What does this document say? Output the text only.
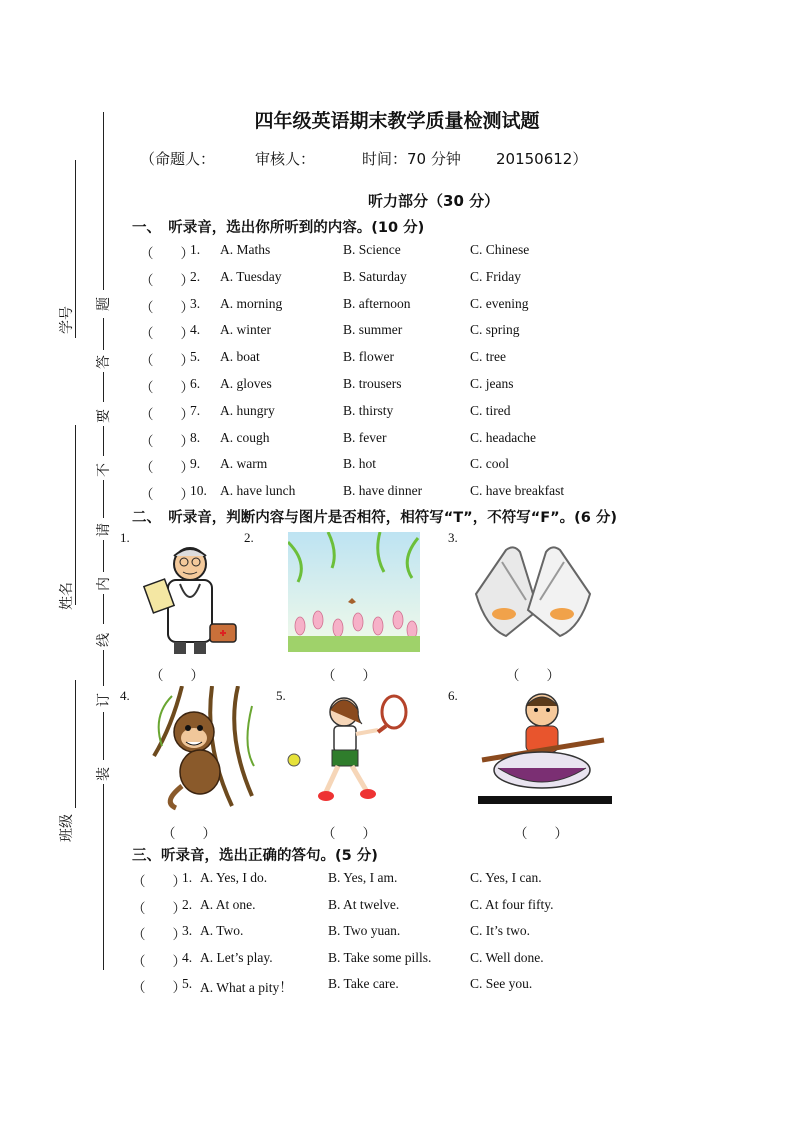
四年级英语期末教学质量检测试题
（命题人：	审核人：	时间：70 分钟 20150612）
听力部分（30 分）
学号
姓名
班级
题
答
要
不
请
内
线
订
装
一、　听录音，选出你所听到的内容。(10 分)
（　　）
1. A. Maths	B. Science	C. Chinese
（　　）
2. A. Tuesday	B. Saturday	C. Friday
（　　）
3. A. morning	B. afternoon	C. evening
（　　）
4. A. winter	B. summer	C. spring
（　　）
5. A. boat	B. flower	C. tree
（　　）
6. A. gloves	B. trousers	C. jeans
（　　）
7. A. hungry	B. thirsty	C. tired
（　　）
8. A. cough	B. fever	C. headache
（　　）
9. A. warm	B. hot	C. cool
（　　）
10. A. have lunch	B. have dinner	C. have breakfast
二、　听录音，判断内容与图片是否相符，相符写“T”，不符写“F”。(6 分)
1.	2.	3.
4.	5.	6.
（　　）	（　　）	（　　）
（　　）	（　　）	（　　）
三、听录音，选出正确的答句。(5 分)
（　　）
1. A. Yes, I do.	B. Yes, I am.	C. Yes, I can.
（　　）
2. A. At one.	B. At twelve.	C. At four fifty.
（　　）
3. A. Two.	B. Two yuan.	C. It’s two.
（　　）
4. A. Let’s play.	B. Take some pills.	C. Well done.
（　　）
5. A. What a pity！	B. Take care.	C. See you.
